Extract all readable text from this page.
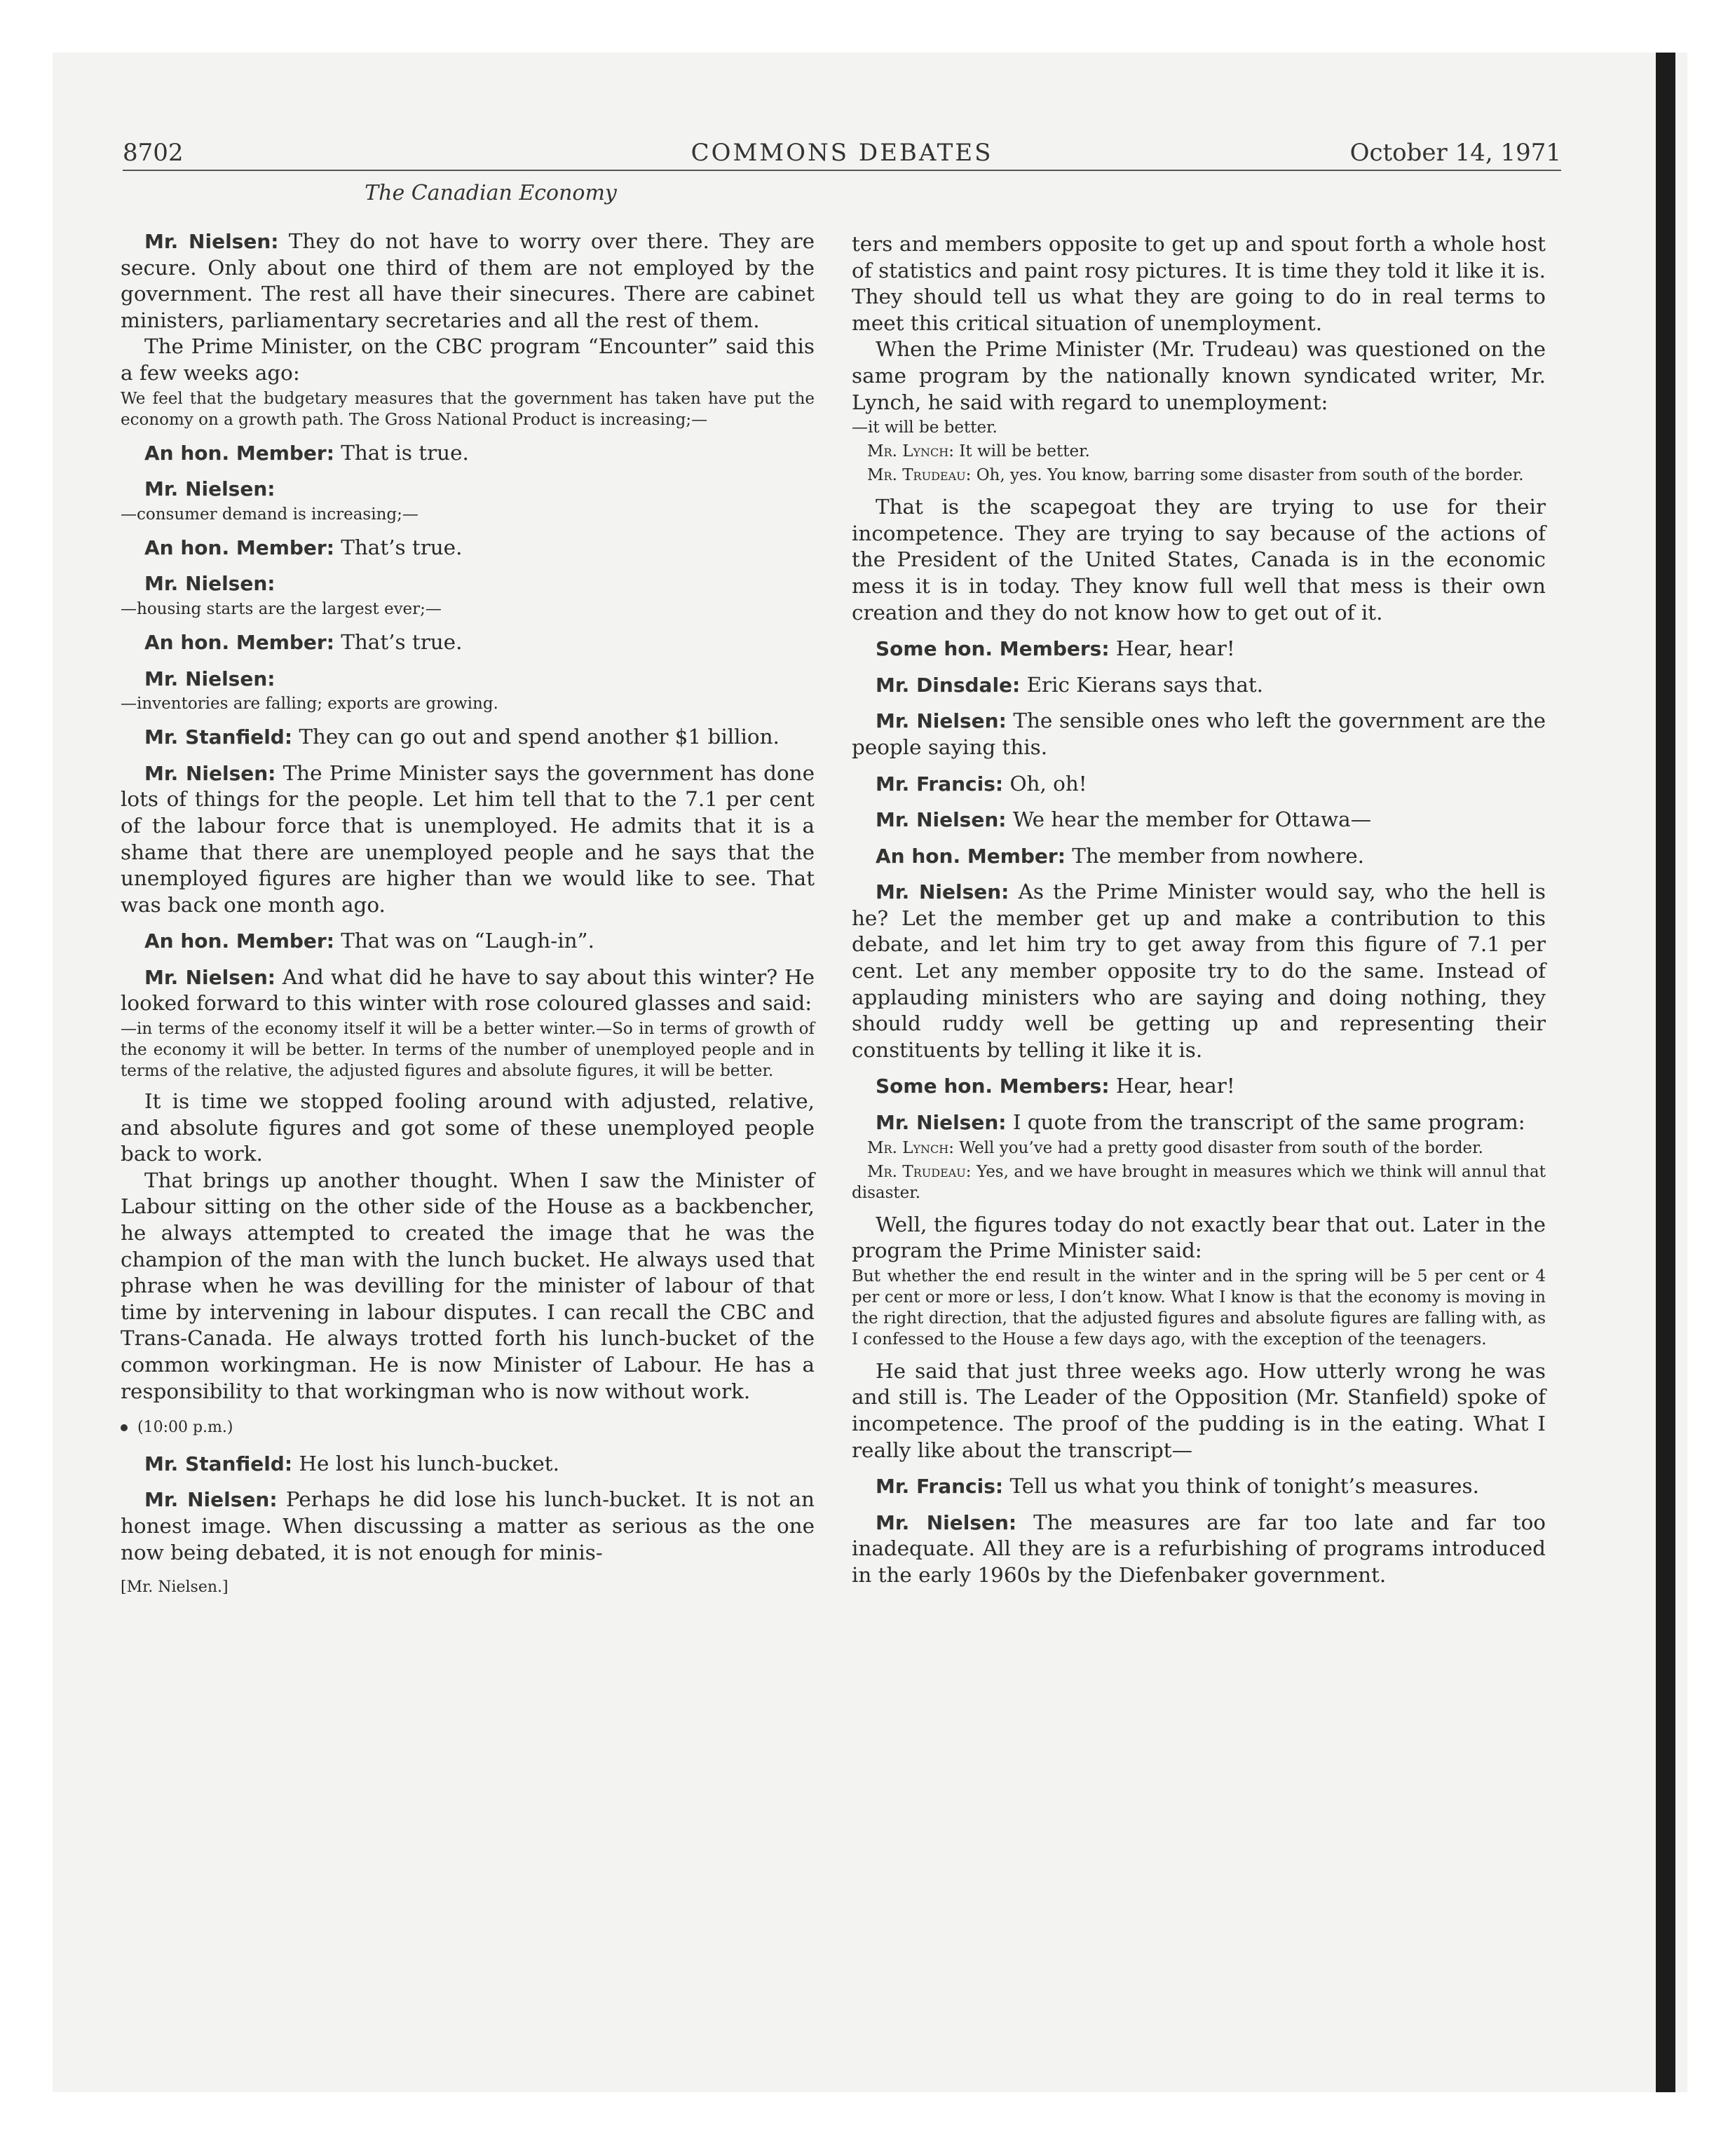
8702	COMMONS DEBATES	October 14, 1971
The Canadian Economy

Mr. Nielsen: They do not have to worry over there. They are secure. Only about one third of them are not employed by the government. The rest all have their sinecures. There are cabinet ministers, parliamentary secretaries and all the rest of them.

The Prime Minister, on the CBC program “Encounter” said this a few weeks ago:

We feel that the budgetary measures that the government has taken have put the economy on a growth path. The Gross National Product is increasing;—

An hon. Member: That is true.

Mr. Nielsen:

—consumer demand is increasing;—

An hon. Member: That’s true.

Mr. Nielsen:

—housing starts are the largest ever;—

An hon. Member: That’s true.

Mr. Nielsen:

—inventories are falling; exports are growing.

Mr. Stanfield: They can go out and spend another $1 billion.

Mr. Nielsen: The Prime Minister says the government has done lots of things for the people. Let him tell that to the 7.1 per cent of the labour force that is unemployed. He admits that it is a shame that there are unemployed people and he says that the unemployed figures are higher than we would like to see. That was back one month ago.

An hon. Member: That was on “Laugh-in”.

Mr. Nielsen: And what did he have to say about this winter? He looked forward to this winter with rose coloured glasses and said:

—in terms of the economy itself it will be a better winter.—So in terms of growth of the economy it will be better. In terms of the number of unemployed people and in terms of the relative, the adjusted figures and absolute figures, it will be better.

It is time we stopped fooling around with adjusted, relative, and absolute figures and got some of these unemployed people back to work.

That brings up another thought. When I saw the Minister of Labour sitting on the other side of the House as a backbencher, he always attempted to created the image that he was the champion of the man with the lunch bucket. He always used that phrase when he was devilling for the minister of labour of that time by intervening in labour disputes. I can recall the CBC and Trans-Canada. He always trotted forth his lunch-bucket of the common workingman. He is now Minister of Labour. He has a responsibility to that workingman who is now without work.

(10:00 p.m.)

Mr. Stanfield: He lost his lunch-bucket.

Mr. Nielsen: Perhaps he did lose his lunch-bucket. It is not an honest image. When discussing a matter as serious as the one now being debated, it is not enough for minis-

[Mr. Nielsen.]

ters and members opposite to get up and spout forth a whole host of statistics and paint rosy pictures. It is time they told it like it is. They should tell us what they are going to do in real terms to meet this critical situation of unemployment.

When the Prime Minister (Mr. Trudeau) was questioned on the same program by the nationally known syndicated writer, Mr. Lynch, he said with regard to unemployment:

—it will be better.

Mr. Lynch: It will be better.

Mr. Trudeau: Oh, yes. You know, barring some disaster from south of the border.

That is the scapegoat they are trying to use for their incompetence. They are trying to say because of the actions of the President of the United States, Canada is in the economic mess it is in today. They know full well that mess is their own creation and they do not know how to get out of it.

Some hon. Members: Hear, hear!

Mr. Dinsdale: Eric Kierans says that.

Mr. Nielsen: The sensible ones who left the government are the people saying this.

Mr. Francis: Oh, oh!

Mr. Nielsen: We hear the member for Ottawa—

An hon. Member: The member from nowhere.

Mr. Nielsen: As the Prime Minister would say, who the hell is he? Let the member get up and make a contribution to this debate, and let him try to get away from this figure of 7.1 per cent. Let any member opposite try to do the same. Instead of applauding ministers who are saying and doing nothing, they should ruddy well be getting up and representing their constituents by telling it like it is.

Some hon. Members: Hear, hear!

Mr. Nielsen: I quote from the transcript of the same program:

Mr. Lynch: Well you’ve had a pretty good disaster from south of the border.

Mr. Trudeau: Yes, and we have brought in measures which we think will annul that disaster.

Well, the figures today do not exactly bear that out. Later in the program the Prime Minister said:

But whether the end result in the winter and in the spring will be 5 per cent or 4 per cent or more or less, I don’t know. What I know is that the economy is moving in the right direction, that the adjusted figures and absolute figures are falling with, as I confessed to the House a few days ago, with the exception of the teenagers.

He said that just three weeks ago. How utterly wrong he was and still is. The Leader of the Opposition (Mr. Stanfield) spoke of incompetence. The proof of the pudding is in the eating. What I really like about the transcript—

Mr. Francis: Tell us what you think of tonight’s measures.

Mr. Nielsen: The measures are far too late and far too inadequate. All they are is a refurbishing of programs introduced in the early 1960s by the Diefenbaker government.
